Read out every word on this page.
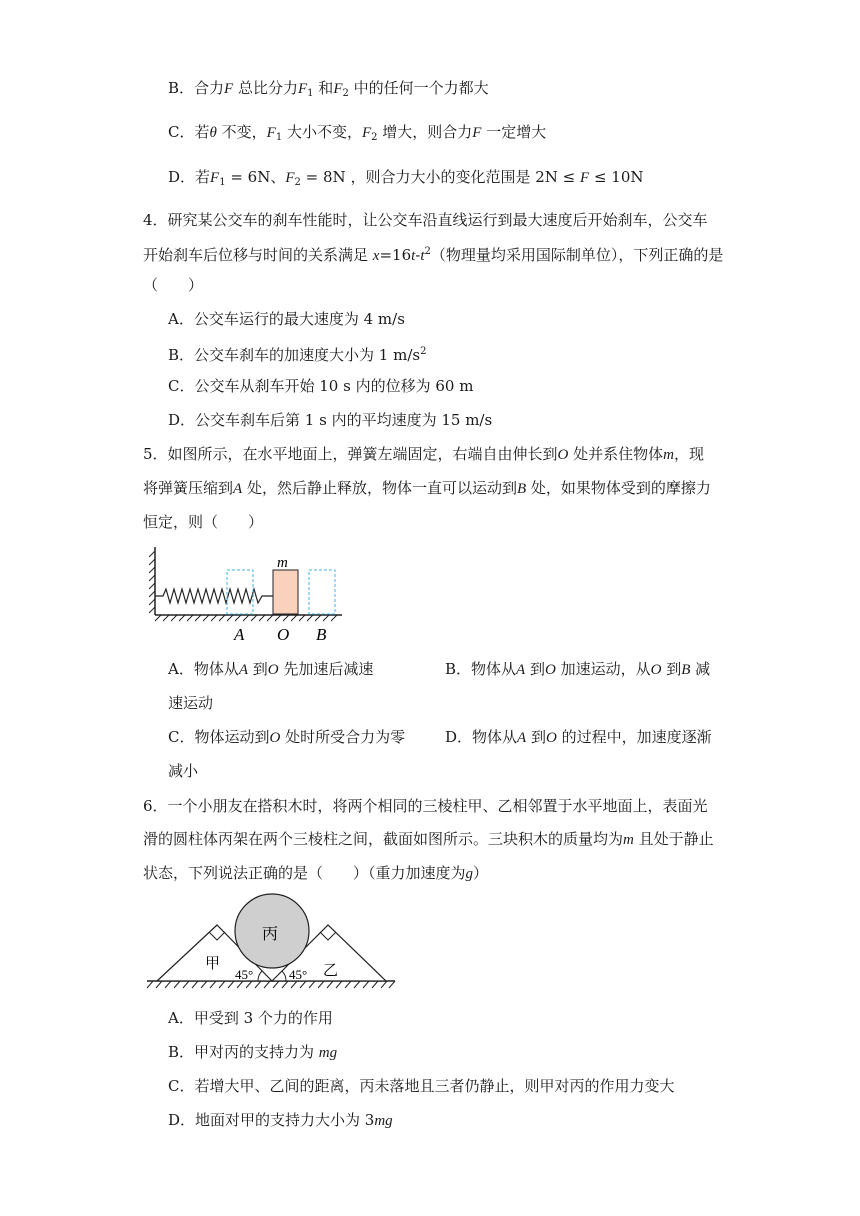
B．合力F 总比分力$F_1$ 和$F_2$ 中的任何一个力都大
C．若θ 不变，$F_1$ 大小不变，$F_2$ 增大，则合力F 一定增大
D．若$F_1 = 6N$、$F_2 = 8N$ ，则合力大小的变化范围是 2N ≤ F ≤ 10N
4．研究某公交车的刹车性能时，让公交车沿直线运行到最大速度后开始刹车，公交车
开始刹车后位移与时间的关系满足 $x=16t-t^2$（物理量均采用国际制单位），下列正确的是
（　　）
A．公交车运行的最大速度为 4 m/s
B．公交车刹车的加速度大小为 1 $m/s^2$
C．公交车从刹车开始 10 s 内的位移为 60 m
D．公交车刹车后第 1 s 内的平均速度为 15 m/s
5．如图所示，在水平地面上，弹簧左端固定，右端自由伸长到O 处并系住物体m，现
将弹簧压缩到A 处，然后静止释放，物体一直可以运动到B 处，如果物体受到的摩擦力
恒定，则（　　）
m
A O B
A．物体从A 到O 先加速后减速	B．物体从A 到O 加速运动，从O 到B 减
速运动
C．物体运动到O 处时所受合力为零	D．物体从A 到O 的过程中，加速度逐渐
减小
6．一个小朋友在搭积木时，将两个相同的三棱柱甲、乙相邻置于水平地面上，表面光
滑的圆柱体丙架在两个三棱柱之间，截面如图所示。三块积木的质量均为m 且处于静止
状态，下列说法正确的是（　　）（重力加速度为g）
丙
甲	乙
45°	45°
A．甲受到 3 个力的作用
B．甲对丙的支持力为 mg
C．若增大甲、乙间的距离，丙未落地且三者仍静止，则甲对丙的作用力变大
D．地面对甲的支持力大小为 3mg
